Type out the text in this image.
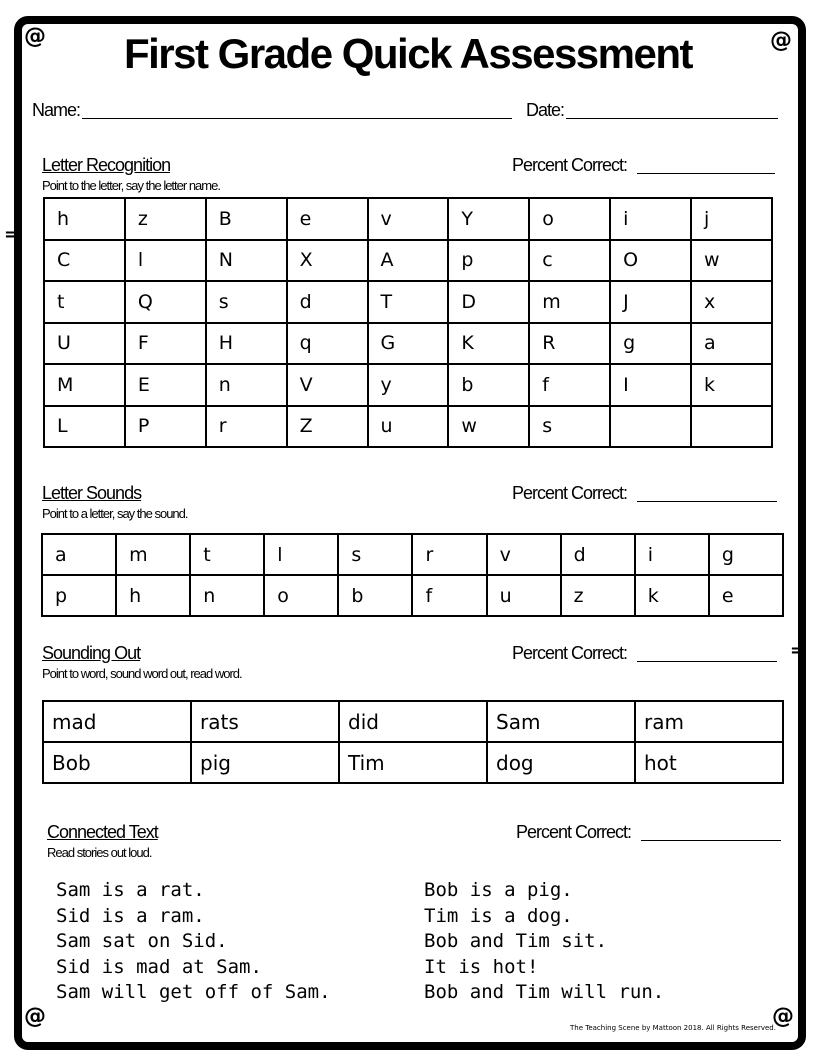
@	@
@	@
=
=
First Grade Quick Assessment
Name:	Date:
Letter Recognition
Point to the letter, say the letter name.
Percent Correct:
h	z	B	e	v	Y	o	i	j
C	l	N	X	A	p	c	O	w
t	Q	s	d	T	D	m	J	x
U	F	H	q	G	K	R	g	a
M	E	n	V	y	b	f	I	k
L	P	r	Z	u	w	s		
Letter Sounds
Point to a letter, say the sound.
Percent Correct:
a	m	t	l	s	r	v	d	i	g
p	h	n	o	b	f	u	z	k	e
Sounding Out
Point to word, sound word out, read word.
Percent Correct:
mad	rats	did	Sam	ram
Bob	pig	Tim	dog	hot
Connected Text
Read stories out loud.
Percent Correct:
Sam is a rat.
Sid is a ram.
Sam sat on Sid.
Sid is mad at Sam.
Sam will get off of Sam.
Bob is a pig.
Tim is a dog.
Bob and Tim sit.
It is hot!
Bob and Tim will run.
The Teaching Scene by Mattoon 2018. All Rights Reserved.
